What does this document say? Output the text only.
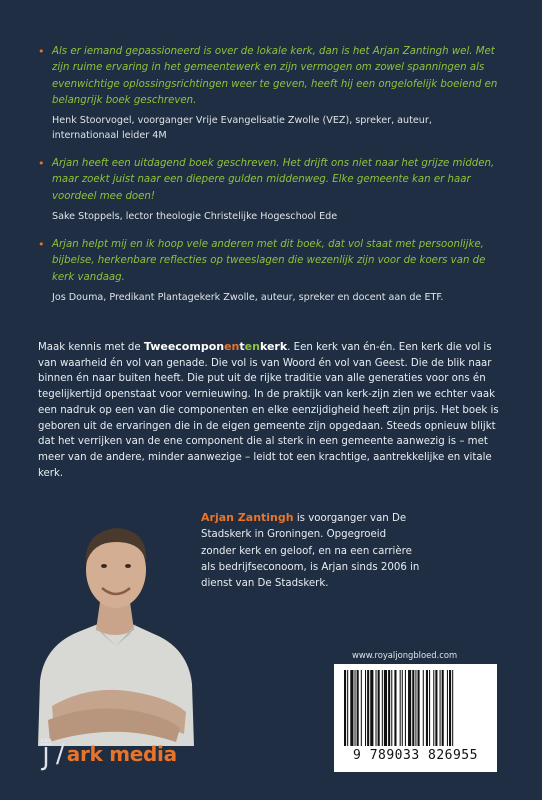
• Als er iemand gepassioneerd is over de lokale kerk, dan is het Arjan Zantingh wel. Met zijn ruime ervaring in het gemeentewerk en zijn vermogen om zowel spanningen als evenwichtige oplossingsrichtingen weer te geven, heeft hij een ongelofelijk boeiend en belangrijk boek geschreven.
Henk Stoorvogel, voorganger Vrije Evangelisatie Zwolle (VEZ), spreker, auteur, internationaal leider 4M
• Arjan heeft een uitdagend boek geschreven. Het drijft ons niet naar het grijze midden, maar zoekt juist naar een diepere gulden middenweg. Elke gemeente kan er haar voordeel mee doen!
Sake Stoppels, lector theologie Christelijke Hogeschool Ede
• Arjan helpt mij en ik hoop vele anderen met dit boek, dat vol staat met persoonlijke, bijbelse, herkenbare reflecties op tweeslagen die wezenlijk zijn voor de koers van de kerk vandaag.
Jos Douma, Predikant Plantagekerk Zwolle, auteur, spreker en docent aan de ETF.
Maak kennis met de Tweecomponentenkerk. Een kerk van én-én. Een kerk die vol is van waarheid én vol van genade. Die vol is van Woord én vol van Geest. Die de blik naar binnen én naar buiten heeft. Die put uit de rijke traditie van alle generaties voor ons én tegelijkertijd openstaat voor vernieuwing. In de praktijk van kerk-zijn zien we echter vaak een nadruk op een van die componenten en elke eenzijdigheid heeft zijn prijs. Het boek is geboren uit de ervaringen die in de eigen gemeente zijn opgedaan. Steeds opnieuw blijkt dat het verrijken van de ene component die al sterk in een gemeente aanwezig is – met meer van de andere, minder aanwezige – leidt tot een krachtige, aantrekkelijke en vitale kerk.
Arjan Zantingh is voorganger van De Stadskerk in Groningen. Opgegroeid zonder kerk en geloof, en na een carrière als bedrijfseconoom, is Arjan sinds 2006 in dienst van De Stadskerk.
/ ark media
www.royaljongbloed.com
9 789033 826955
